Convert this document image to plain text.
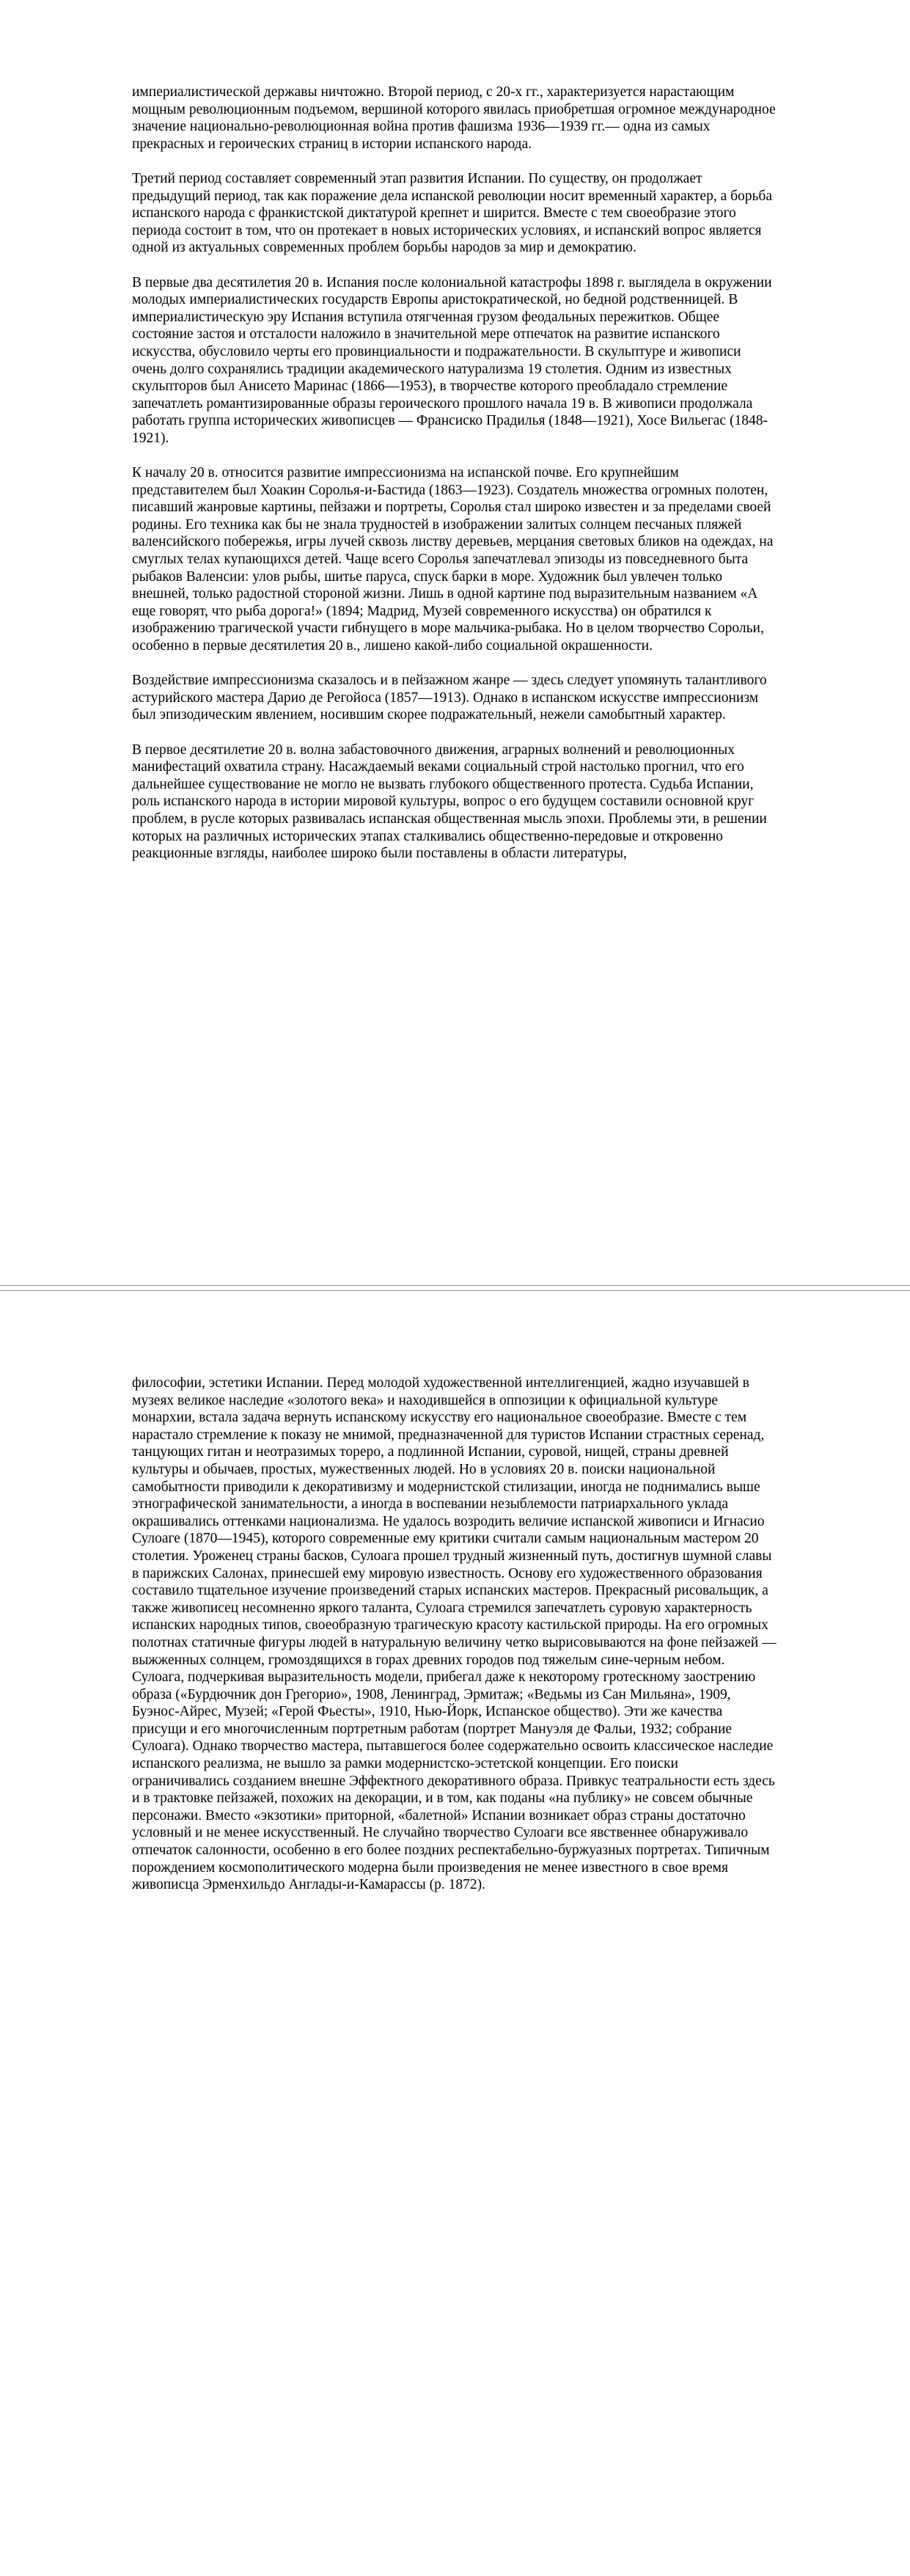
империалистической державы ничтожно. Второй период, с 20-х гг., характеризуется нарастающим мощным революционным подъемом, вершиной которого явилась приобретшая огромное международное значение национально-революционная война против фашизма 1936—1939 гг.— одна из самых прекрасных и героических страниц в истории испанского народа.

Третий период составляет современный этап развития Испании. По существу, он продолжает предыдущий период, так как поражение дела испанской революции носит временный характер, а борьба испанского народа с франкистской диктатурой крепнет и ширится. Вместе с тем своеобразие этого периода состоит в том, что он протекает в новых исторических условиях, и испанский вопрос является одной из актуальных современных проблем борьбы народов за мир и демократию.

В первые два десятилетия 20 в. Испания после колониальной катастрофы 1898 г. выглядела в окружении молодых империалистических государств Европы аристократической, но бедной родственницей. В империалистическую эру Испания вступила отягченная грузом феодальных пережитков. Общее состояние застоя и отсталости наложило в значительной мере отпечаток на развитие испанского искусства, обусловило черты его провинциальности и подражательности. В скульптуре и живописи очень долго сохранялись традиции академического натурализма 19 столетия. Одним из известных скульпторов был Анисето Маринас (1866—1953), в творчестве которого преобладало стремление запечатлеть романтизированные образы героического прошлого начала 19 в. В живописи продолжала работать группа исторических живописцев — Франсиско Прадилья (1848—1921), Хосе Вильегас (1848-1921).

К началу 20 в. относится развитие импрессионизма на испанской почве. Его крупнейшим представителем был Хоакин Соролья-и-Бастида (1863—1923). Создатель множества огромных полотен, писавший жанровые картины, пейзажи и портреты, Соролья стал широко известен и за пределами своей родины. Его техника как бы не знала трудностей в изображении залитых солнцем песчаных пляжей валенсийского побережья, игры лучей сквозь листву деревьев, мерцания световых бликов на одеждах, на смуглых телах купающихся детей. Чаще всего Соролья запечатлевал эпизоды из повседневного быта рыбаков Валенсии: улов рыбы, шитье паруса, спуск барки в море. Художник был увлечен только внешней, только радостной стороной жизни. Лишь в одной картине под выразительным названием «А еще говорят, что рыба дорога!» (1894; Мадрид, Музей современного искусства) он обратился к изображению трагической участи гибнущего в море мальчика-рыбака. Но в целом творчество Сорольи, особенно в первые десятилетия 20 в., лишено какой-либо социальной окрашенности.

Воздействие импрессионизма сказалось и в пейзажном жанре — здесь следует упомянуть талантливого астурийского мастера Дарио де Регойоса (1857—1913). Однако в испанском искусстве импрессионизм был эпизодическим явлением, носившим скорее подражательный, нежели самобытный характер.

В первое десятилетие 20 в. волна забастовочного движения, аграрных волнений и революционных манифестаций охватила страну. Насаждаемый веками социальный строй настолько прогнил, что его дальнейшее существование не могло не вызвать глубокого общественного протеста. Судьба Испании, роль испанского народа в истории мировой культуры, вопрос о его будущем составили основной круг проблем, в русле которых развивалась испанская общественная мысль эпохи. Проблемы эти, в решении которых на различных исторических этапах сталкивались общественно-передовые и откровенно реакционные взгляды, наиболее широко были поставлены в области литературы,

философии, эстетики Испании. Перед молодой художественной интеллигенцией, жадно изучавшей в музеях великое наследие «золотого века» и находившейся в оппозиции к официальной культуре монархии, встала задача вернуть испанскому искусству его национальное своеобразие. Вместе с тем нарастало стремление к показу не мнимой, предназначенной для туристов Испании страстных серенад, танцующих гитан и неотразимых тореро, а подлинной Испании, суровой, нищей, страны древней культуры и обычаев, простых, мужественных людей. Но в условиях 20 в. поиски национальной самобытности приводили к декоративизму и модернистской стилизации, иногда не поднимались выше этнографической занимательности, а иногда в воспевании незыблемости патриархального уклада окрашивались оттенками национализма. Не удалось возродить величие испанской живописи и Игнасио Сулоаге (1870—1945), которого современные ему критики считали самым национальным мастером 20 столетия. Уроженец страны басков, Сулоага прошел трудный жизненный путь, достигнув шумной славы в парижских Салонах, принесшей ему мировую известность. Основу его художественного образования составило тщательное изучение произведений старых испанских мастеров. Прекрасный рисовальщик, а также живописец несомненно яркого таланта, Сулоага стремился запечатлеть суровую характерность испанских народных типов, своеобразную трагическую красоту кастильской природы. На его огромных полотнах статичные фигуры людей в натуральную величину четко вырисовываются на фоне пейзажей — выжженных солнцем, громоздящихся в горах древних городов под тяжелым сине-черным небом. Сулоага, подчеркивая выразительность модели, прибегал даже к некоторому гротескному заострению образа («Бурдючник дон Грегорио», 1908, Ленинград, Эрмитаж; «Ведьмы из Сан Мильяна», 1909, Буэнос-Айрес, Музей; «Герой Фьесты», 1910, Нью-Йорк, Испанское общество). Эти же качества присущи и его многочисленным портретным работам (портрет Мануэля де Фальи, 1932; собрание Сулоага). Однако творчество мастера, пытавшегося более содержательно освоить классическое наследие испанского реализма, не вышло за рамки модернистско-эстетской концепции. Его поиски ограничивались созданием внешне Эффектного декоративного образа. Привкус театральности есть здесь и в трактовке пейзажей, похожих на декорации, и в том, как поданы «на публику» не совсем обычные персонажи. Вместо «экзотики» приторной, «балетной» Испании возникает образ страны достаточно условный и не менее искусственный. Не случайно творчество Сулоаги все явственнее обнаруживало отпечаток салонности, особенно в его более поздних респектабельно-буржуазных портретах. Типичным порождением космополитического модерна были произведения не менее известного в свое время живописца Эрменхильдо Англады-и-Камарассы (р. 1872).
